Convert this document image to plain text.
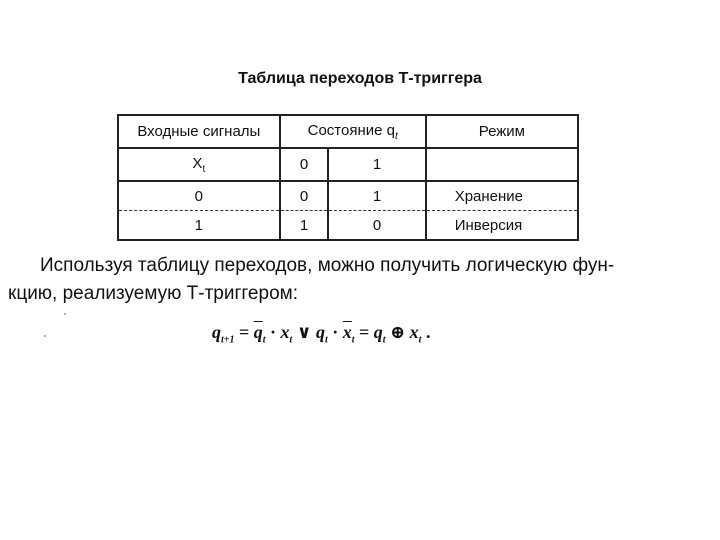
Таблица переходов Т-триггера
Входные сигналы	Состояние $q_t$		Режим
$X_t$	0	1	
0	0	1	Хранение
1	1	0	Инверсия
Используя таблицу переходов, можно получить логическую фун-
кцию, реализуемую Т-триггером:
$q_{t+1} = \overline{q}_t \cdot x_t$ ∨ $q_t \cdot \overline{x}_t = q_t$ ⊕ $x_t$ .
